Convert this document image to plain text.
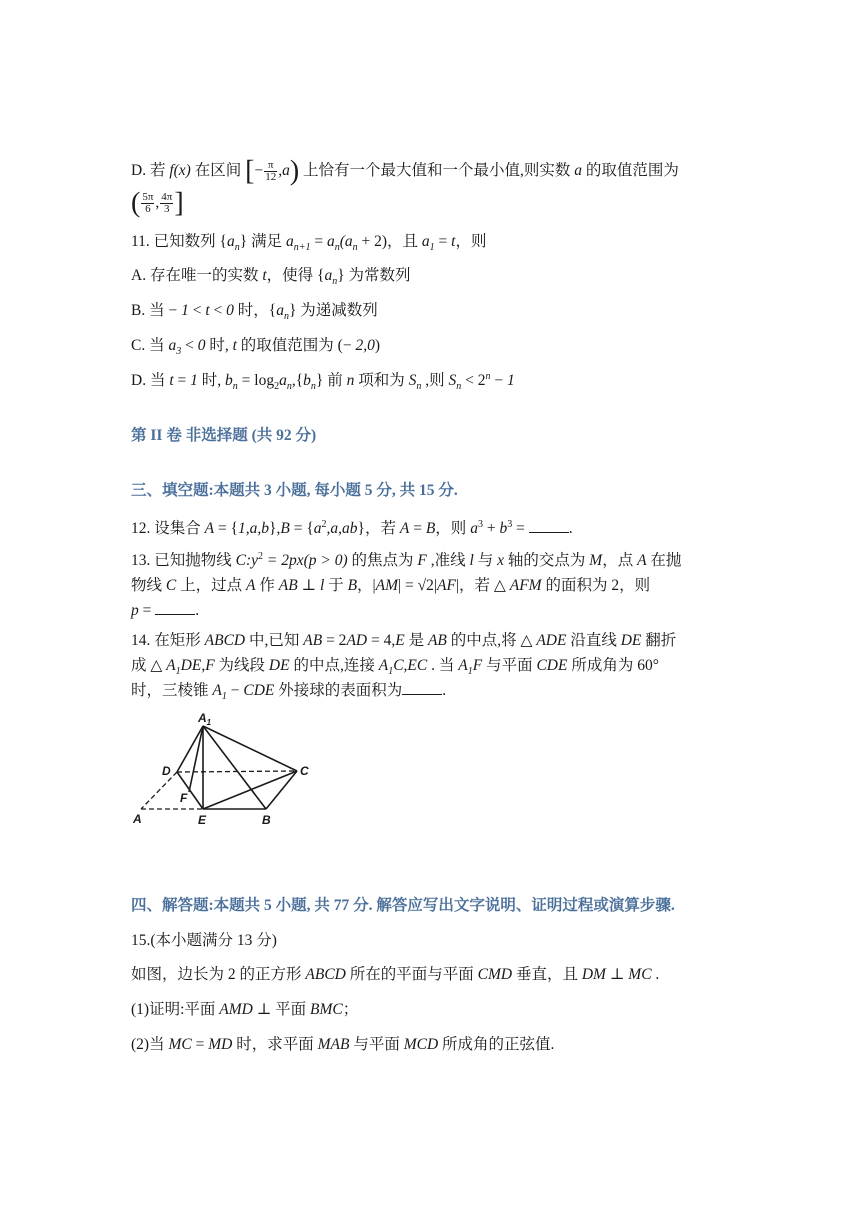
D. 若 f(x) 在区间 [− $\frac{\pi}{12} ,a$) 上恰有一个最大值和一个最小值,则实数 a 的取值范围为
( $\frac{5\pi}{6}$ , $\frac{4\pi}{3}$ ]
11. 已知数列 $\{a_n\}$ 满足 $a_{n+1} = a_n(a_n + 2)$，且 $a_1 = t$，则
A. 存在唯一的实数 t，使得 $\{a_n\}$ 为常数列
B. 当 − 1 < t < 0 时，$\{a_n\}$ 为递减数列
C. 当 $a_3 < 0$ 时, t 的取值范围为 (− 2,0)
D. 当 t = 1 时, $b_n = \log_2a_n,\{b_n\}$ 前 n 项和为 $S_n$ ,则 $S_n < 2^n - 1$
第 II 卷 非选择题 (共 92 分)
三、填空题:本题共 3 小题, 每小题 5 分, 共 15 分.
12. 设集合 $A = \{1,a,b\},B = \{a^2,a,ab\}$，若 A = B，则 $a^3 + b^3$ =	.
13. 已知抛物线 $C:y^2 = 2px(p > 0)$ 的焦点为 F ,准线 l 与 x 轴的交点为 M，点 A 在抛
物线 C 上，过点 A 作 AB ⊥ l 于 B，|AM| = √2|AF|，若 △ AFM 的面积为 2，则
p =	.
14. 在矩形 ABCD 中,已知 AB = 2AD = 4,E 是 AB 的中点,将 △ ADE 沿直线 DE 翻折
成 △ $A_1DE,F$ 为线段 DE 的中点,连接 $A_1C,EC$ . 当 $A_1F$ 与平面 CDE 所成角为 60°
时，三棱锥 $A_1$ − CDE 外接球的表面积为	.
$A_1$
D	C
F
A	E	B
四、解答题:本题共 5 小题, 共 77 分. 解答应写出文字说明、证明过程或演算步骤.
15.(本小题满分 13 分)
如图，边长为 2 的正方形 ABCD 所在的平面与平面 CMD 垂直，且 DM ⊥ MC .
(1)证明:平面 AMD ⊥ 平面 BMC；
(2)当 MC = MD 时，求平面 MAB 与平面 MCD 所成角的正弦值.
